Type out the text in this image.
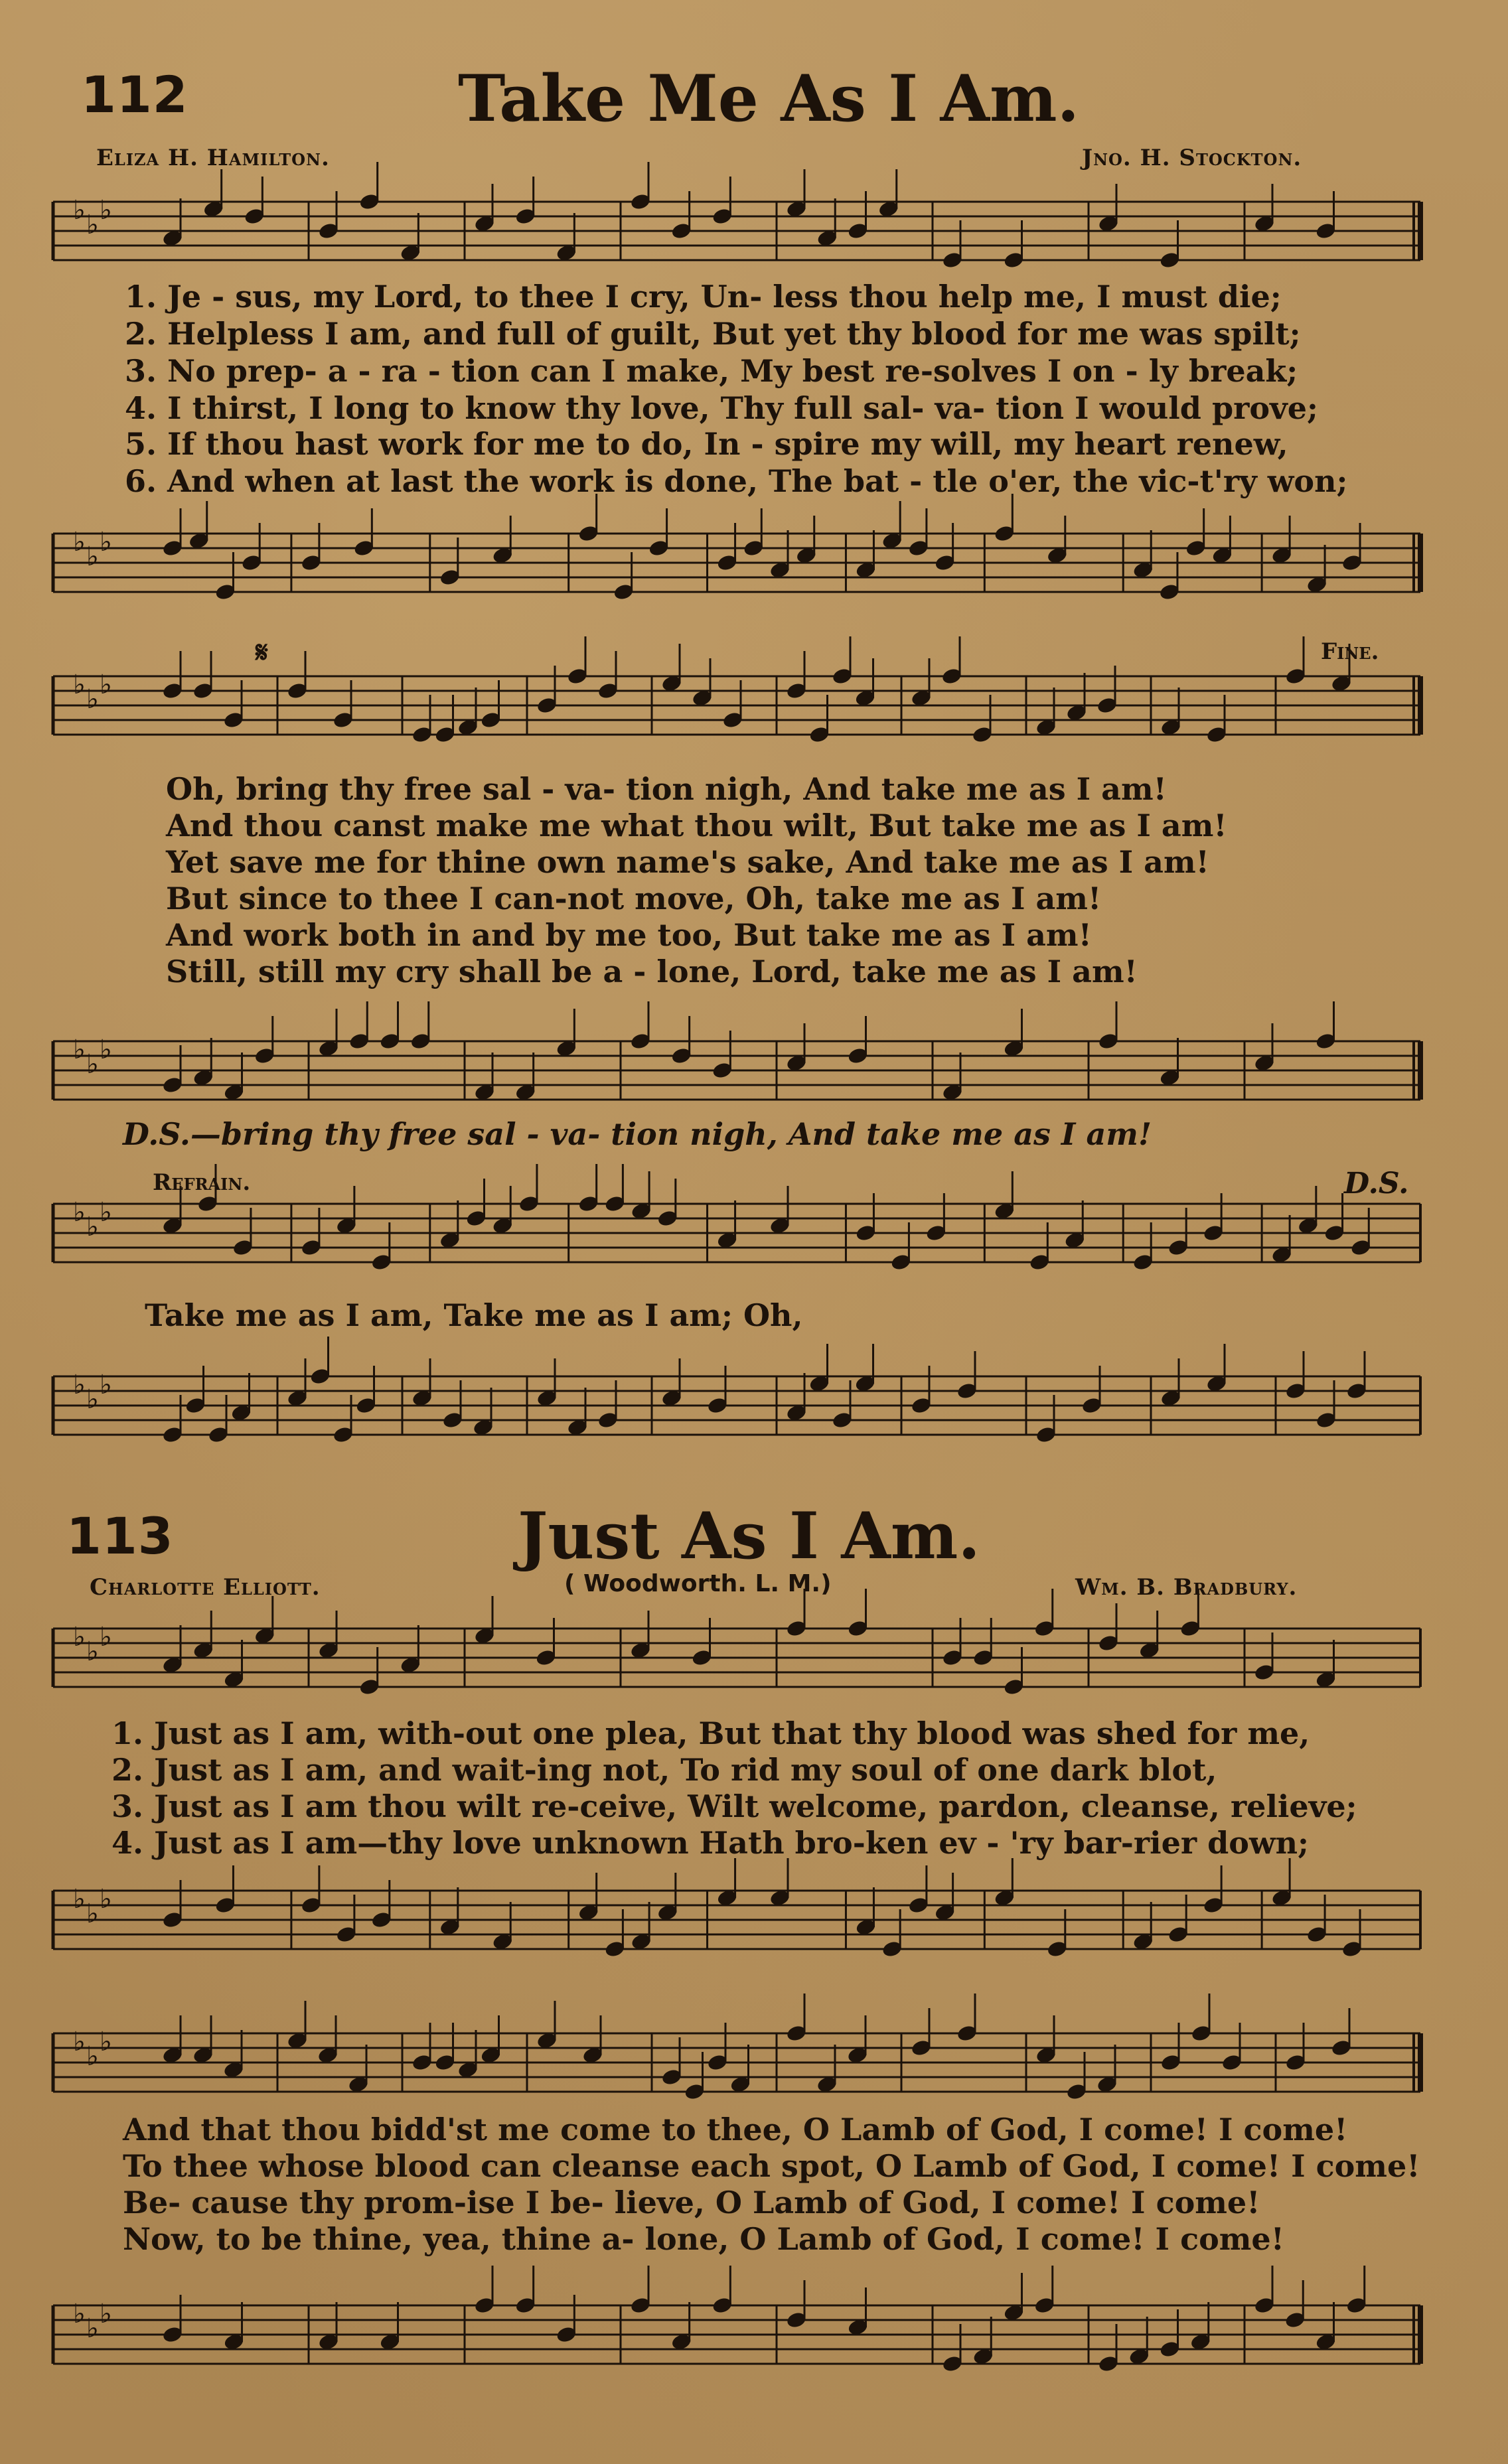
112	Take Me As I Am.
Eliza H. Hamilton.	Jno. H. Stockton.
♭ ♭ ♭
1. Je - sus, my Lord, to thee I cry, Un- less thou help me, I must die;
2. Helpless I am, and full of guilt, But yet thy blood for me was spilt;
3. No prep- a - ra - tion can I make, My best re-solves I on - ly break;
4. I thirst, I long to know thy love, Thy full sal- va- tion I would prove;
5. If thou hast work for me to do, In - spire my will, my heart renew,
6. And when at last the work is done, The bat - tle o'er, the vic-t'ry won;
♭ ♭ ♭
𝄋	Fine.
♭ ♭ ♭
Oh, bring thy free sal - va- tion nigh, And take me as I am!
And thou canst make me what thou wilt, But take me as I am!
Yet save me for thine own name's sake, And take me as I am!
But since to thee I can-not move, Oh, take me as I am!
And work both in and by me too, But take me as I am!
Still, still my cry shall be a - lone, Lord, take me as I am!
♭ ♭ ♭
D.S.—bring thy free sal - va- tion nigh, And take me as I am!
Refrain.	D.S.
♭ ♭ ♭
Take me as I am, Take me as I am; Oh,
♭ ♭ ♭
113	Just As I Am.
Charlotte Elliott.	( Woodworth. L. M.)	Wm. B. Bradbury.
♭ ♭ ♭
1. Just as I am, with-out one plea, But that thy blood was shed for me,
2. Just as I am, and wait-ing not, To rid my soul of one dark blot,
3. Just as I am thou wilt re-ceive, Wilt welcome, pardon, cleanse, relieve;
4. Just as I am—thy love unknown Hath bro-ken ev - 'ry bar-rier down;
♭ ♭ ♭
♭ ♭ ♭
And that thou bidd'st me come to thee, O Lamb of God, I come! I come!
To thee whose blood can cleanse each spot, O Lamb of God, I come! I come!
Be- cause thy prom-ise I be- lieve, O Lamb of God, I come! I come!
Now, to be thine, yea, thine a- lone, O Lamb of God, I come! I come!
♭ ♭ ♭
